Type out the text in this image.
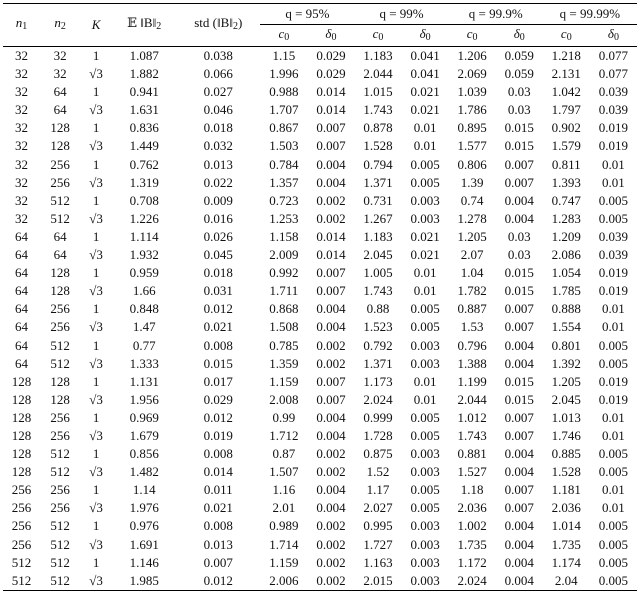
$n_1$	$n_2$	K	𝔼 $‖B‖_2$	std $(‖B‖_2)$	q = 95%		q = 99%		q = 99.9%		q = 99.99%	
					$c_0$	$\delta_0$	$c_0$	$\delta_0$	$c_0$	$\delta_0$	$c_0$	$\delta_0$
32	32	1	1.087	0.038	1.15	0.029	1.183	0.041	1.206	0.059	1.218	0.077
32	32	√3	1.882	0.066	1.996	0.029	2.044	0.041	2.069	0.059	2.131	0.077
32	64	1	0.941	0.027	0.988	0.014	1.015	0.021	1.039	0.03	1.042	0.039
32	64	√3	1.631	0.046	1.707	0.014	1.743	0.021	1.786	0.03	1.797	0.039
32	128	1	0.836	0.018	0.867	0.007	0.878	0.01	0.895	0.015	0.902	0.019
32	128	√3	1.449	0.032	1.503	0.007	1.528	0.01	1.577	0.015	1.579	0.019
32	256	1	0.762	0.013	0.784	0.004	0.794	0.005	0.806	0.007	0.811	0.01
32	256	√3	1.319	0.022	1.357	0.004	1.371	0.005	1.39	0.007	1.393	0.01
32	512	1	0.708	0.009	0.723	0.002	0.731	0.003	0.74	0.004	0.747	0.005
32	512	√3	1.226	0.016	1.253	0.002	1.267	0.003	1.278	0.004	1.283	0.005
64	64	1	1.114	0.026	1.158	0.014	1.183	0.021	1.205	0.03	1.209	0.039
64	64	√3	1.932	0.045	2.009	0.014	2.045	0.021	2.07	0.03	2.086	0.039
64	128	1	0.959	0.018	0.992	0.007	1.005	0.01	1.04	0.015	1.054	0.019
64	128	√3	1.66	0.031	1.711	0.007	1.743	0.01	1.782	0.015	1.785	0.019
64	256	1	0.848	0.012	0.868	0.004	0.88	0.005	0.887	0.007	0.888	0.01
64	256	√3	1.47	0.021	1.508	0.004	1.523	0.005	1.53	0.007	1.554	0.01
64	512	1	0.77	0.008	0.785	0.002	0.792	0.003	0.796	0.004	0.801	0.005
64	512	√3	1.333	0.015	1.359	0.002	1.371	0.003	1.388	0.004	1.392	0.005
128	128	1	1.131	0.017	1.159	0.007	1.173	0.01	1.199	0.015	1.205	0.019
128	128	√3	1.956	0.029	2.008	0.007	2.024	0.01	2.044	0.015	2.045	0.019
128	256	1	0.969	0.012	0.99	0.004	0.999	0.005	1.012	0.007	1.013	0.01
128	256	√3	1.679	0.019	1.712	0.004	1.728	0.005	1.743	0.007	1.746	0.01
128	512	1	0.856	0.008	0.87	0.002	0.875	0.003	0.881	0.004	0.885	0.005
128	512	√3	1.482	0.014	1.507	0.002	1.52	0.003	1.527	0.004	1.528	0.005
256	256	1	1.14	0.011	1.16	0.004	1.17	0.005	1.18	0.007	1.181	0.01
256	256	√3	1.976	0.021	2.01	0.004	2.027	0.005	2.036	0.007	2.036	0.01
256	512	1	0.976	0.008	0.989	0.002	0.995	0.003	1.002	0.004	1.014	0.005
256	512	√3	1.691	0.013	1.714	0.002	1.727	0.003	1.735	0.004	1.735	0.005
512	512	1	1.146	0.007	1.159	0.002	1.163	0.003	1.172	0.004	1.174	0.005
512	512	√3	1.985	0.012	2.006	0.002	2.015	0.003	2.024	0.004	2.04	0.005
